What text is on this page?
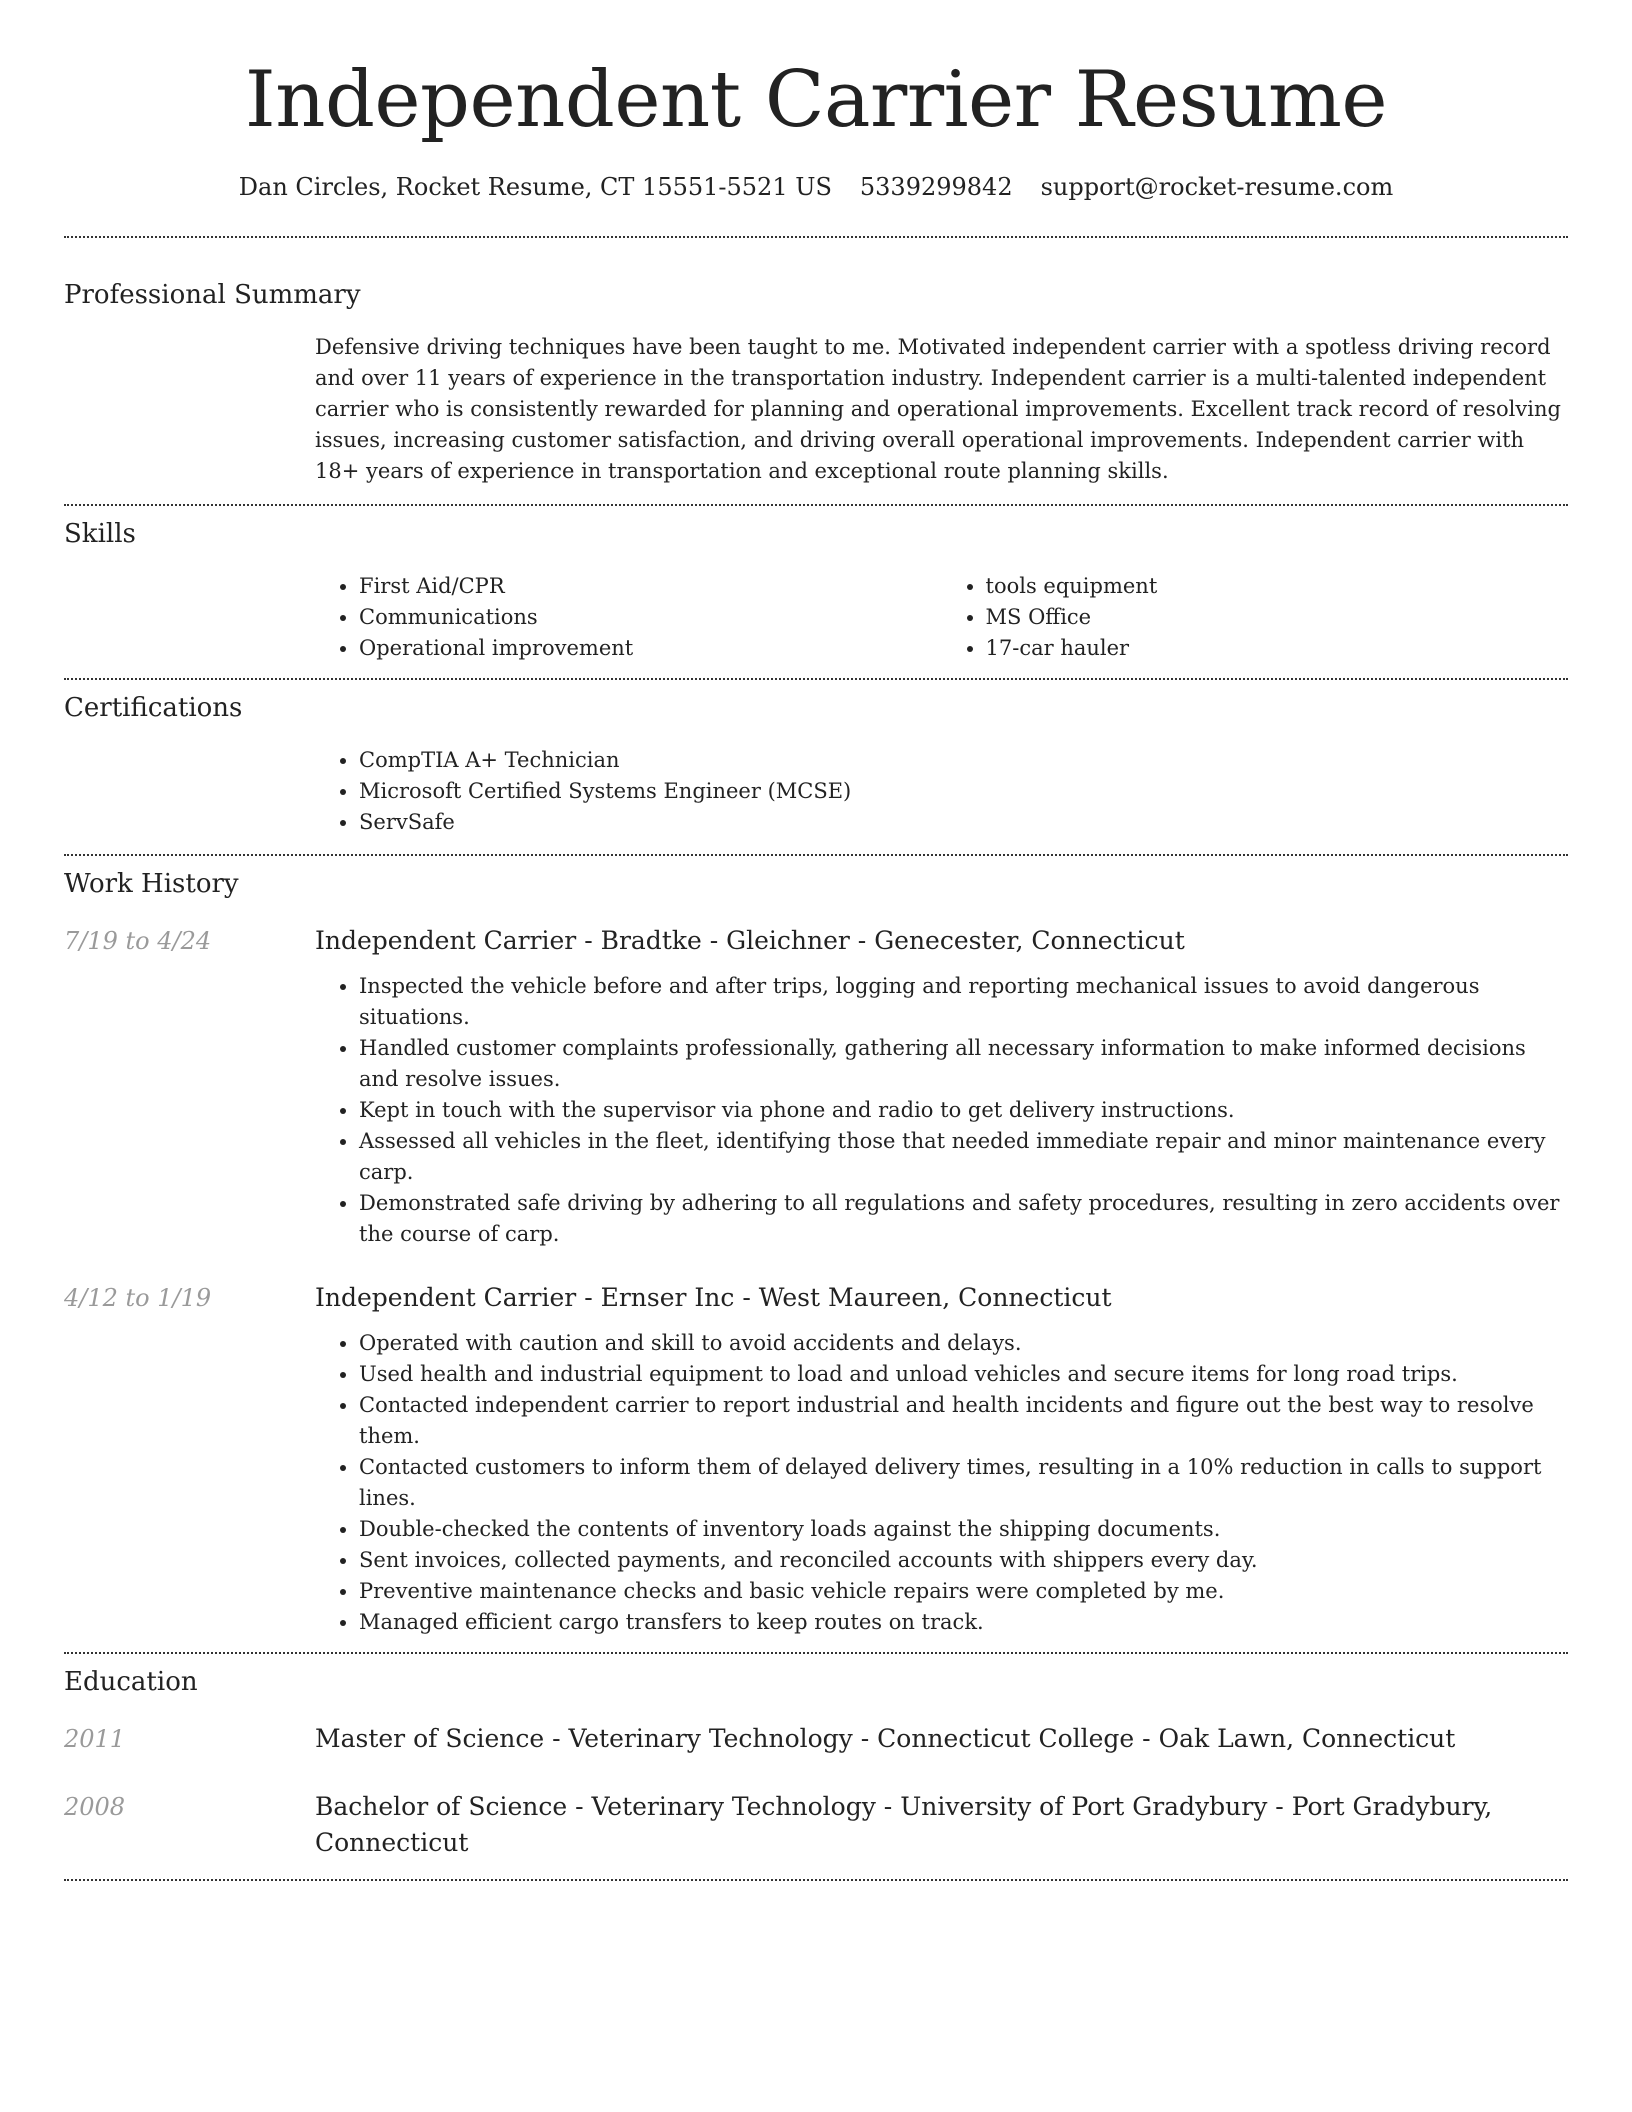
Independent Carrier Resume
Dan Circles, Rocket Resume, CT 15551-5521 US 5339299842 support@rocket-resume.com
Professional Summary
Defensive driving techniques have been taught to me. Motivated independent carrier with a spotless driving record and over 11 years of experience in the transportation industry. Independent carrier is a multi-talented independent carrier who is consistently rewarded for planning and operational improvements. Excellent track record of resolving issues, increasing customer satisfaction, and driving overall operational improvements. Independent carrier with 18+ years of experience in transportation and exceptional route planning skills.
Skills
• First Aid/CPR
• Communications
• Operational improvement
• tools equipment
• MS Office
• 17-car hauler
Certifications
• CompTIA A+ Technician
• Microsoft Certified Systems Engineer (MCSE)
• ServSafe
Work History
7/19 to 4/24	Independent Carrier - Bradtke - Gleichner - Genecester, Connecticut
• Inspected the vehicle before and after trips, logging and reporting mechanical issues to avoid dangerous situations.
• Handled customer complaints professionally, gathering all necessary information to make informed decisions and resolve issues.
• Kept in touch with the supervisor via phone and radio to get delivery instructions.
• Assessed all vehicles in the fleet, identifying those that needed immediate repair and minor maintenance every carp.
• Demonstrated safe driving by adhering to all regulations and safety procedures, resulting in zero accidents over the course of carp.
4/12 to 1/19	Independent Carrier - Ernser Inc - West Maureen, Connecticut
• Operated with caution and skill to avoid accidents and delays.
• Used health and industrial equipment to load and unload vehicles and secure items for long road trips.
• Contacted independent carrier to report industrial and health incidents and figure out the best way to resolve them.
• Contacted customers to inform them of delayed delivery times, resulting in a 10% reduction in calls to support lines.
• Double-checked the contents of inventory loads against the shipping documents.
• Sent invoices, collected payments, and reconciled accounts with shippers every day.
• Preventive maintenance checks and basic vehicle repairs were completed by me.
• Managed efficient cargo transfers to keep routes on track.
Education
2011	Master of Science - Veterinary Technology - Connecticut College - Oak Lawn, Connecticut
2008	Bachelor of Science - Veterinary Technology - University of Port Gradybury - Port Gradybury, Connecticut
